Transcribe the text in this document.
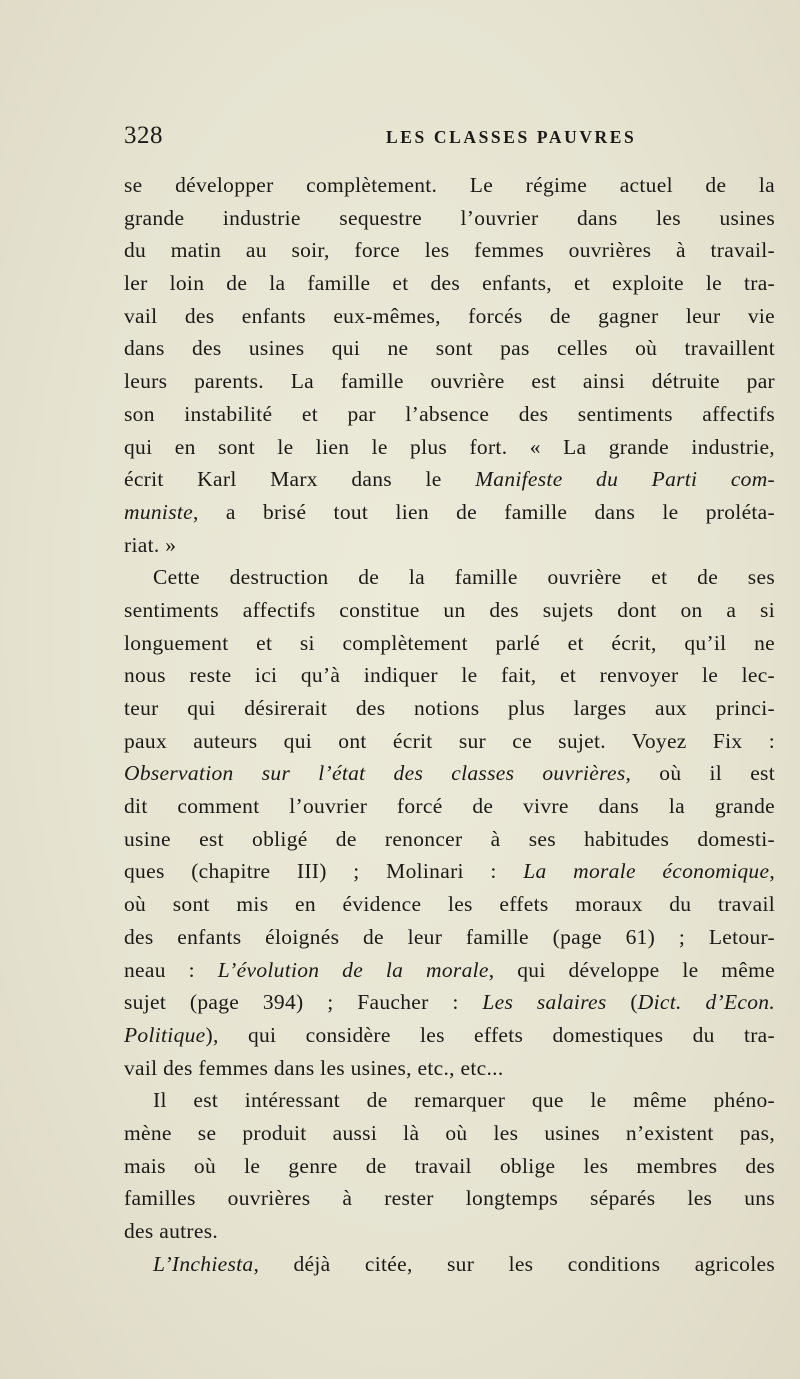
328	LES CLASSES PAUVRES
se développer complètement. Le régime actuel de la
grande industrie sequestre l’ouvrier dans les usines
du matin au soir, force les femmes ouvrières à travail-
ler loin de la famille et des enfants, et exploite le tra-
vail des enfants eux-mêmes, forcés de gagner leur vie
dans des usines qui ne sont pas celles où travaillent
leurs parents. La famille ouvrière est ainsi détruite par
son instabilité et par l’absence des sentiments affectifs
qui en sont le lien le plus fort. « La grande industrie,
écrit Karl Marx dans le Manifeste du Parti com-
muniste, a brisé tout lien de famille dans le proléta-
riat. »
Cette destruction de la famille ouvrière et de ses
sentiments affectifs constitue un des sujets dont on a si
longuement et si complètement parlé et écrit, qu’il ne
nous reste ici qu’à indiquer le fait, et renvoyer le lec-
teur qui désirerait des notions plus larges aux princi-
paux auteurs qui ont écrit sur ce sujet. Voyez Fix :
Observation sur l’état des classes ouvrières, où il est
dit comment l’ouvrier forcé de vivre dans la grande
usine est obligé de renoncer à ses habitudes domesti-
ques (chapitre III) ; Molinari : La morale économique,
où sont mis en évidence les effets moraux du travail
des enfants éloignés de leur famille (page 61) ; Letour-
neau : L’évolution de la morale, qui développe le même
sujet (page 394) ; Faucher : Les salaires (Dict. d’Econ.
Politique), qui considère les effets domestiques du tra-
vail des femmes dans les usines, etc., etc...
Il est intéressant de remarquer que le même phéno-
mène se produit aussi là où les usines n’existent pas,
mais où le genre de travail oblige les membres des
familles ouvrières à rester longtemps séparés les uns
des autres.
L’Inchiesta, déjà citée, sur les conditions agricoles
